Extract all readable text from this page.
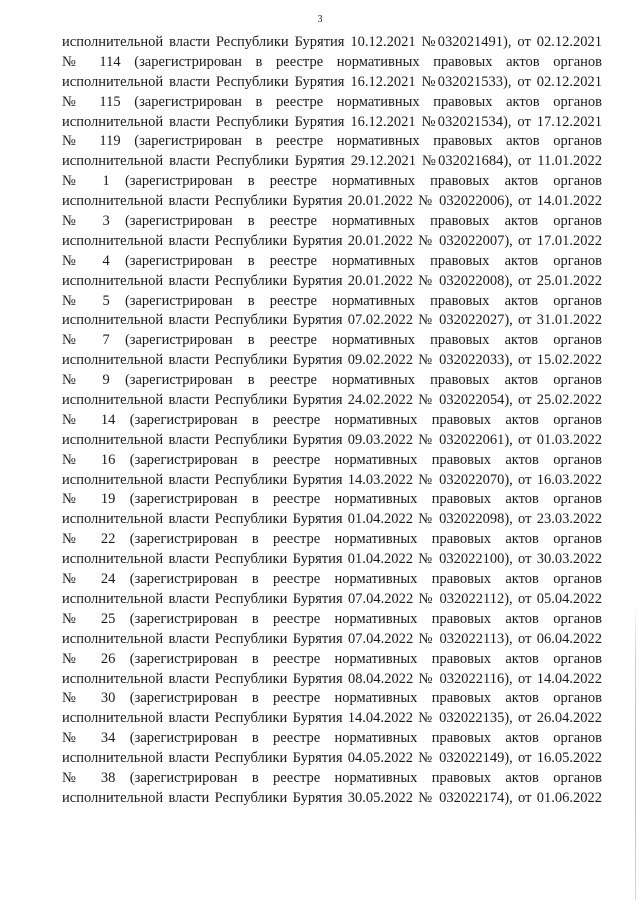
3
исполнительной власти Республики Бурятия 10.12.2021 №032021491), от 02.12.2021
№ 114 (зарегистрирован в реестре нормативных правовых актов органов
исполнительной власти Республики Бурятия 16.12.2021 №032021533), от 02.12.2021
№ 115 (зарегистрирован в реестре нормативных правовых актов органов
исполнительной власти Республики Бурятия 16.12.2021 №032021534), от 17.12.2021
№ 119 (зарегистрирован в реестре нормативных правовых актов органов
исполнительной власти Республики Бурятия 29.12.2021 №032021684), от 11.01.2022
№ 1 (зарегистрирован в реестре нормативных правовых актов органов
исполнительной власти Республики Бурятия 20.01.2022 № 032022006), от 14.01.2022
№ 3 (зарегистрирован в реестре нормативных правовых актов органов
исполнительной власти Республики Бурятия 20.01.2022 № 032022007), от 17.01.2022
№ 4 (зарегистрирован в реестре нормативных правовых актов органов
исполнительной власти Республики Бурятия 20.01.2022 № 032022008), от 25.01.2022
№ 5 (зарегистрирован в реестре нормативных правовых актов органов
исполнительной власти Республики Бурятия 07.02.2022 № 032022027), от 31.01.2022
№ 7 (зарегистрирован в реестре нормативных правовых актов органов
исполнительной власти Республики Бурятия 09.02.2022 № 032022033), от 15.02.2022
№ 9 (зарегистрирован в реестре нормативных правовых актов органов
исполнительной власти Республики Бурятия 24.02.2022 № 032022054), от 25.02.2022
№ 14 (зарегистрирован в реестре нормативных правовых актов органов
исполнительной власти Республики Бурятия 09.03.2022 № 032022061), от 01.03.2022
№ 16 (зарегистрирован в реестре нормативных правовых актов органов
исполнительной власти Республики Бурятия 14.03.2022 № 032022070), от 16.03.2022
№ 19 (зарегистрирован в реестре нормативных правовых актов органов
исполнительной власти Республики Бурятия 01.04.2022 № 032022098), от 23.03.2022
№ 22 (зарегистрирован в реестре нормативных правовых актов органов
исполнительной власти Республики Бурятия 01.04.2022 № 032022100), от 30.03.2022
№ 24 (зарегистрирован в реестре нормативных правовых актов органов
исполнительной власти Республики Бурятия 07.04.2022 № 032022112), от 05.04.2022
№ 25 (зарегистрирован в реестре нормативных правовых актов органов
исполнительной власти Республики Бурятия 07.04.2022 № 032022113), от 06.04.2022
№ 26 (зарегистрирован в реестре нормативных правовых актов органов
исполнительной власти Республики Бурятия 08.04.2022 № 032022116), от 14.04.2022
№ 30 (зарегистрирован в реестре нормативных правовых актов органов
исполнительной власти Республики Бурятия 14.04.2022 № 032022135), от 26.04.2022
№ 34 (зарегистрирован в реестре нормативных правовых актов органов
исполнительной власти Республики Бурятия 04.05.2022 № 032022149), от 16.05.2022
№ 38 (зарегистрирован в реестре нормативных правовых актов органов
исполнительной власти Республики Бурятия 30.05.2022 № 032022174), от 01.06.2022
